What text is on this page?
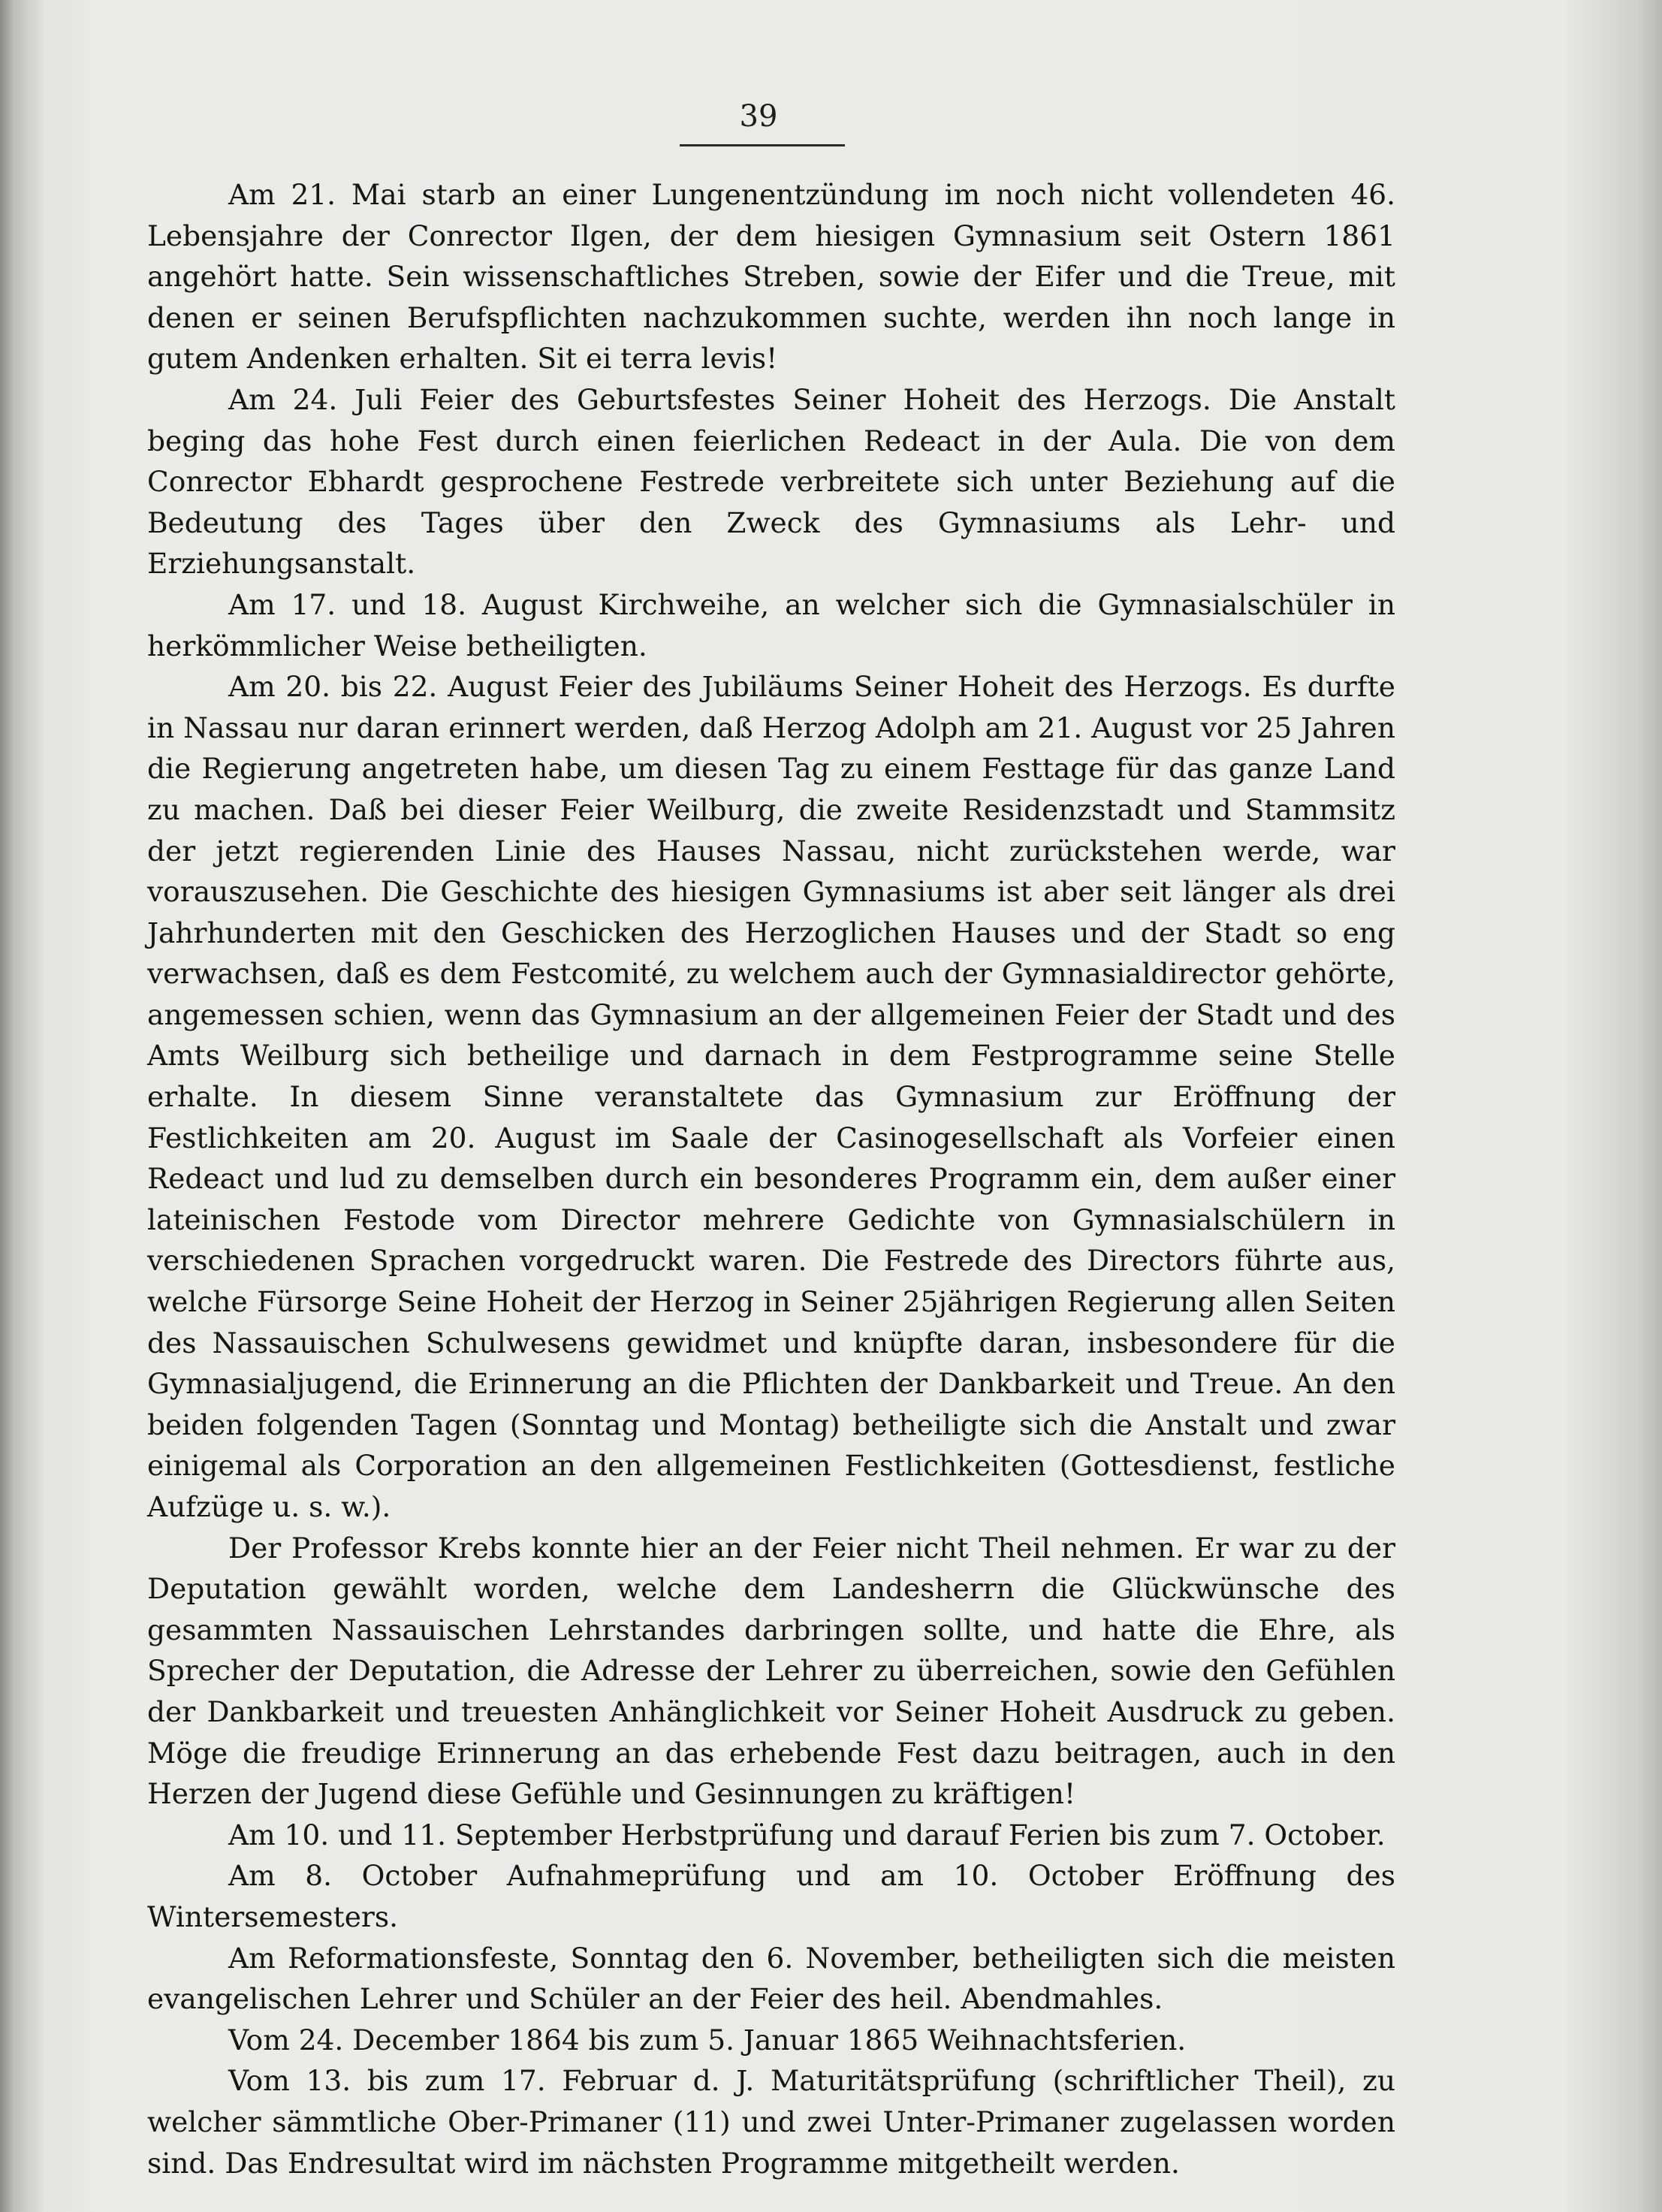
39

Am 21. Mai starb an einer Lungenentzündung im noch nicht vollendeten 46. Lebensjahre der Conrector Ilgen, der dem hiesigen Gymnasium seit Ostern 1861 angehört hatte. Sein wissenschaftliches Streben, sowie der Eifer und die Treue, mit denen er seinen Berufspflichten nachzukommen suchte, werden ihn noch lange in gutem Andenken erhalten. Sit ei terra levis!

Am 24. Juli Feier des Geburtsfestes Seiner Hoheit des Herzogs. Die Anstalt beging das hohe Fest durch einen feierlichen Redeact in der Aula. Die von dem Conrector Ebhardt gesprochene Festrede verbreitete sich unter Beziehung auf die Bedeutung des Tages über den Zweck des Gymnasiums als Lehr- und Erziehungsanstalt.

Am 17. und 18. August Kirchweihe, an welcher sich die Gymnasialschüler in herkömmlicher Weise betheiligten.

Am 20. bis 22. August Feier des Jubiläums Seiner Hoheit des Herzogs. Es durfte in Nassau nur daran erinnert werden, daß Herzog Adolph am 21. August vor 25 Jahren die Regierung angetreten habe, um diesen Tag zu einem Festtage für das ganze Land zu machen. Daß bei dieser Feier Weilburg, die zweite Residenzstadt und Stammsitz der jetzt regierenden Linie des Hauses Nassau, nicht zurückstehen werde, war vorauszusehen. Die Geschichte des hiesigen Gymnasiums ist aber seit länger als drei Jahrhunderten mit den Geschicken des Herzoglichen Hauses und der Stadt so eng verwachsen, daß es dem Festcomité, zu welchem auch der Gymnasialdirector gehörte, angemessen schien, wenn das Gymnasium an der allgemeinen Feier der Stadt und des Amts Weilburg sich betheilige und darnach in dem Festprogramme seine Stelle erhalte. In diesem Sinne veranstaltete das Gymnasium zur Eröffnung der Festlichkeiten am 20. August im Saale der Casinogesellschaft als Vorfeier einen Redeact und lud zu demselben durch ein besonderes Programm ein, dem außer einer lateinischen Festode vom Director mehrere Gedichte von Gymnasialschülern in verschiedenen Sprachen vorgedruckt waren. Die Festrede des Directors führte aus, welche Fürsorge Seine Hoheit der Herzog in Seiner 25jährigen Regierung allen Seiten des Nassauischen Schulwesens gewidmet und knüpfte daran, insbesondere für die Gymnasialjugend, die Erinnerung an die Pflichten der Dankbarkeit und Treue. An den beiden folgenden Tagen (Sonntag und Montag) betheiligte sich die Anstalt und zwar einigemal als Corporation an den allgemeinen Festlichkeiten (Gottesdienst, festliche Aufzüge u. s. w.).

Der Professor Krebs konnte hier an der Feier nicht Theil nehmen. Er war zu der Deputation gewählt worden, welche dem Landesherrn die Glückwünsche des gesammten Nassauischen Lehrstandes darbringen sollte, und hatte die Ehre, als Sprecher der Deputation, die Adresse der Lehrer zu überreichen, sowie den Gefühlen der Dankbarkeit und treuesten Anhänglichkeit vor Seiner Hoheit Ausdruck zu geben. Möge die freudige Erinnerung an das erhebende Fest dazu beitragen, auch in den Herzen der Jugend diese Gefühle und Gesinnungen zu kräftigen!

Am 10. und 11. September Herbstprüfung und darauf Ferien bis zum 7. October.

Am 8. October Aufnahmeprüfung und am 10. October Eröffnung des Wintersemesters.

Am Reformationsfeste, Sonntag den 6. November, betheiligten sich die meisten evangelischen Lehrer und Schüler an der Feier des heil. Abendmahles.

Vom 24. December 1864 bis zum 5. Januar 1865 Weihnachtsferien.

Vom 13. bis zum 17. Februar d. J. Maturitätsprüfung (schriftlicher Theil), zu welcher sämmtliche Ober-Primaner (11) und zwei Unter-Primaner zugelassen worden sind. Das Endresultat wird im nächsten Programme mitgetheilt werden.
